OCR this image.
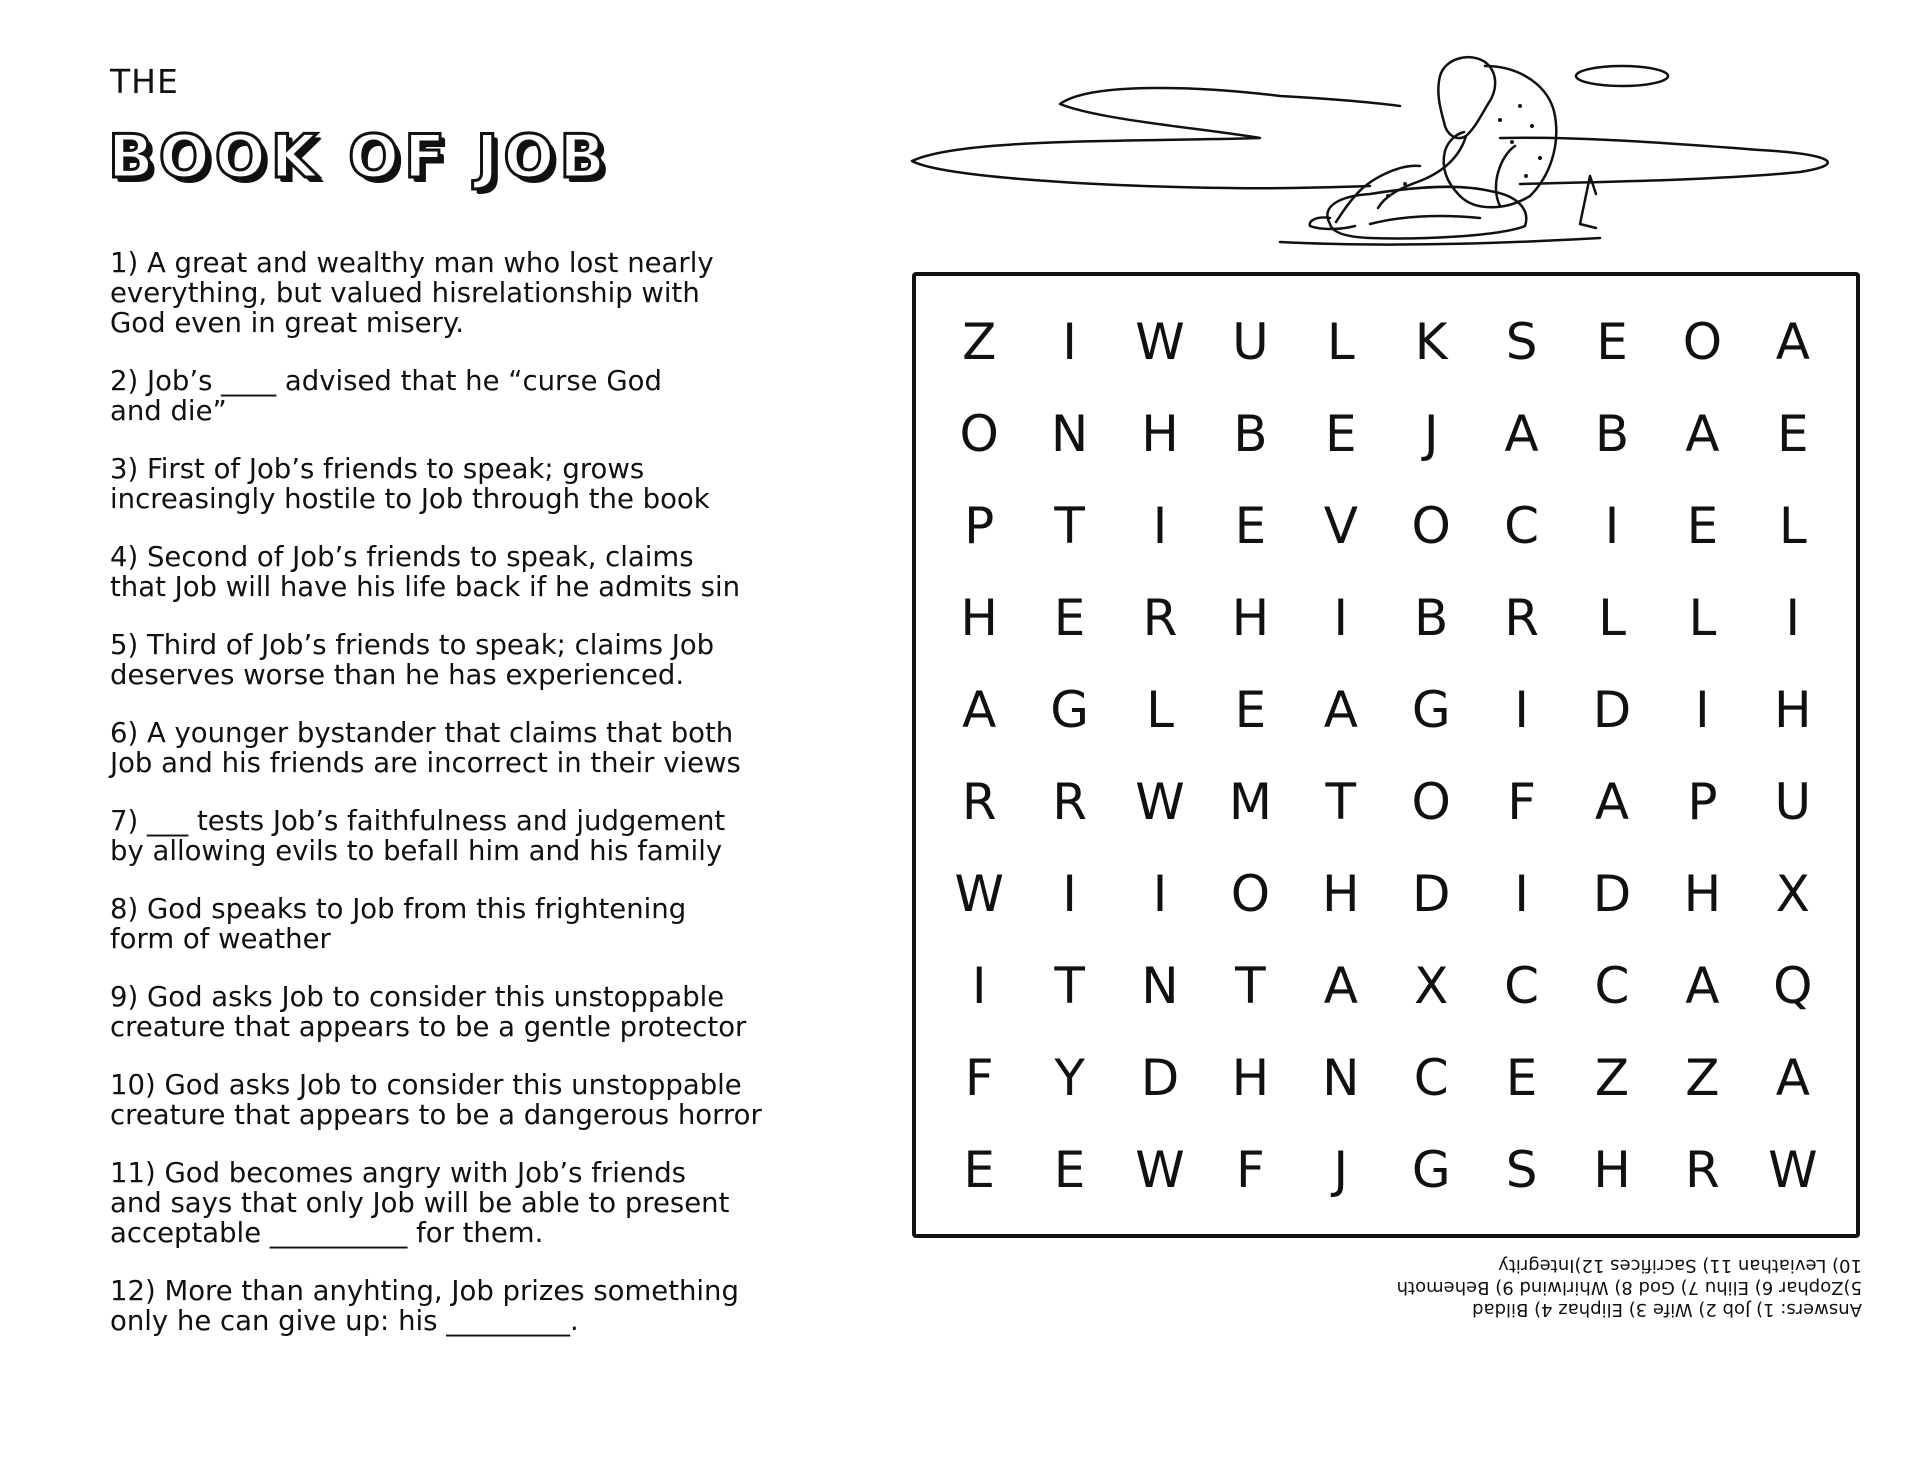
THE
BOOK OF JOB

1) A great and wealthy man who lost nearly
everything, but valued hisrelationship with
God even in great misery.

2) Job’s ____ advised that he “curse God
and die”

3) First of Job’s friends to speak; grows
increasingly hostile to Job through the book

4) Second of Job’s friends to speak, claims
that Job will have his life back if he admits sin

5) Third of Job’s friends to speak; claims Job
deserves worse than he has experienced.

6) A younger bystander that claims that both
Job and his friends are incorrect in their views

7) ___ tests Job’s faithfulness and judgement
by allowing evils to befall him and his family

8) God speaks to Job from this frightening
form of weather

9) God asks Job to consider this unstoppable
creature that appears to be a gentle protector

10) God asks Job to consider this unstoppable
creature that appears to be a dangerous horror

11) God becomes angry with Job’s friends
and says that only Job will be able to present
acceptable __________ for them.

12) More than anyhting, Job prizes something
only he can give up: his _________.

Z	I	W U	L	K	S	E	O	A
O	N	H	B	E	J	A	B	A	E
P	T	I	E	V	O	C	I	E	L
H	E	R	H	I	B	R	L	L	I
A	G	L	E	A	G	I	D	I	H
R	R W M	T	O	F	A	P	U
W	I	I	O	H	D	I	D	H	X
I	T	N	T	A	X	C	C	A	Q
F	Y	D	H	N	C	E	Z	Z	A
E	E W	F	J	G	S	H	R W
Answers: 1) Job 2) Wife 3) Eliphaz 4) Bildad
5)Zophar 6) Elihu 7) God 8) Whirlwind 9) Behemoth
10) Leviathan 11) Sacrifices 12)Integrity
